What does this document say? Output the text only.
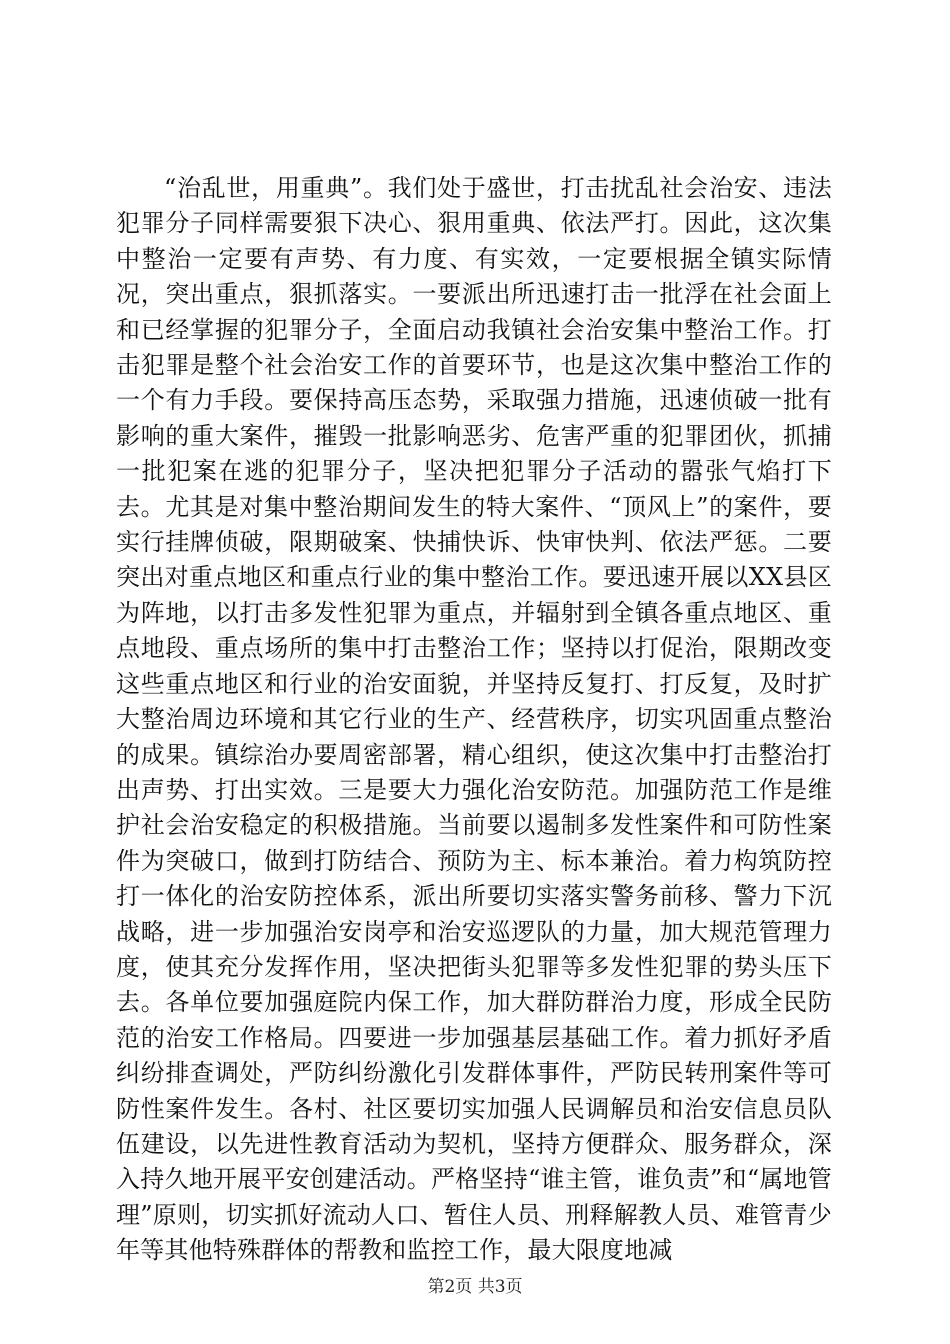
“治乱世，用重典”。我们处于盛世，打击扰乱社会治安、违法犯罪分子同样需要狠下决心、狠用重典、依法严打。因此，这次集中整治一定要有声势、有力度、有实效，一定要根据全镇实际情况，突出重点，狠抓落实。一要派出所迅速打击一批浮在社会面上和已经掌握的犯罪分子，全面启动我镇社会治安集中整治工作。打击犯罪是整个社会治安工作的首要环节，也是这次集中整治工作的一个有力手段。要保持高压态势，采取强力措施，迅速侦破一批有影响的重大案件，摧毁一批影响恶劣、危害严重的犯罪团伙，抓捕一批犯案在逃的犯罪分子，坚决把犯罪分子活动的嚣张气焰打下去。尤其是对集中整治期间发生的特大案件、“顶风上”的案件，要实行挂牌侦破，限期破案、快捕快诉、快审快判、依法严惩。二要突出对重点地区和重点行业的集中整治工作。要迅速开展以XX县区为阵地，以打击多发性犯罪为重点，并辐射到全镇各重点地区、重点地段、重点场所的集中打击整治工作；坚持以打促治，限期改变这些重点地区和行业的治安面貌，并坚持反复打、打反复，及时扩大整治周边环境和其它行业的生产、经营秩序，切实巩固重点整治的成果。镇综治办要周密部署，精心组织，使这次集中打击整治打出声势、打出实效。三是要大力强化治安防范。加强防范工作是维护社会治安稳定的积极措施。当前要以遏制多发性案件和可防性案件为突破口，做到打防结合、预防为主、标本兼治。着力构筑防控打一体化的治安防控体系，派出所要切实落实警务前移、警力下沉战略，进一步加强治安岗亭和治安巡逻队的力量，加大规范管理力度，使其充分发挥作用，坚决把街头犯罪等多发性犯罪的势头压下去。各单位要加强庭院内保工作，加大群防群治力度，形成全民防范的治安工作格局。四要进一步加强基层基础工作。着力抓好矛盾纠纷排查调处，严防纠纷激化引发群体事件，严防民转刑案件等可防性案件发生。各村、社区要切实加强人民调解员和治安信息员队伍建设，以先进性教育活动为契机，坚持方便群众、服务群众，深入持久地开展平安创建活动。严格坚持“谁主管，谁负责”和“属地管理”原则，切实抓好流动人口、暂住人员、刑释解教人员、难管青少年等其他特殊群体的帮教和监控工作，最大限度地减

第2页 共3页
